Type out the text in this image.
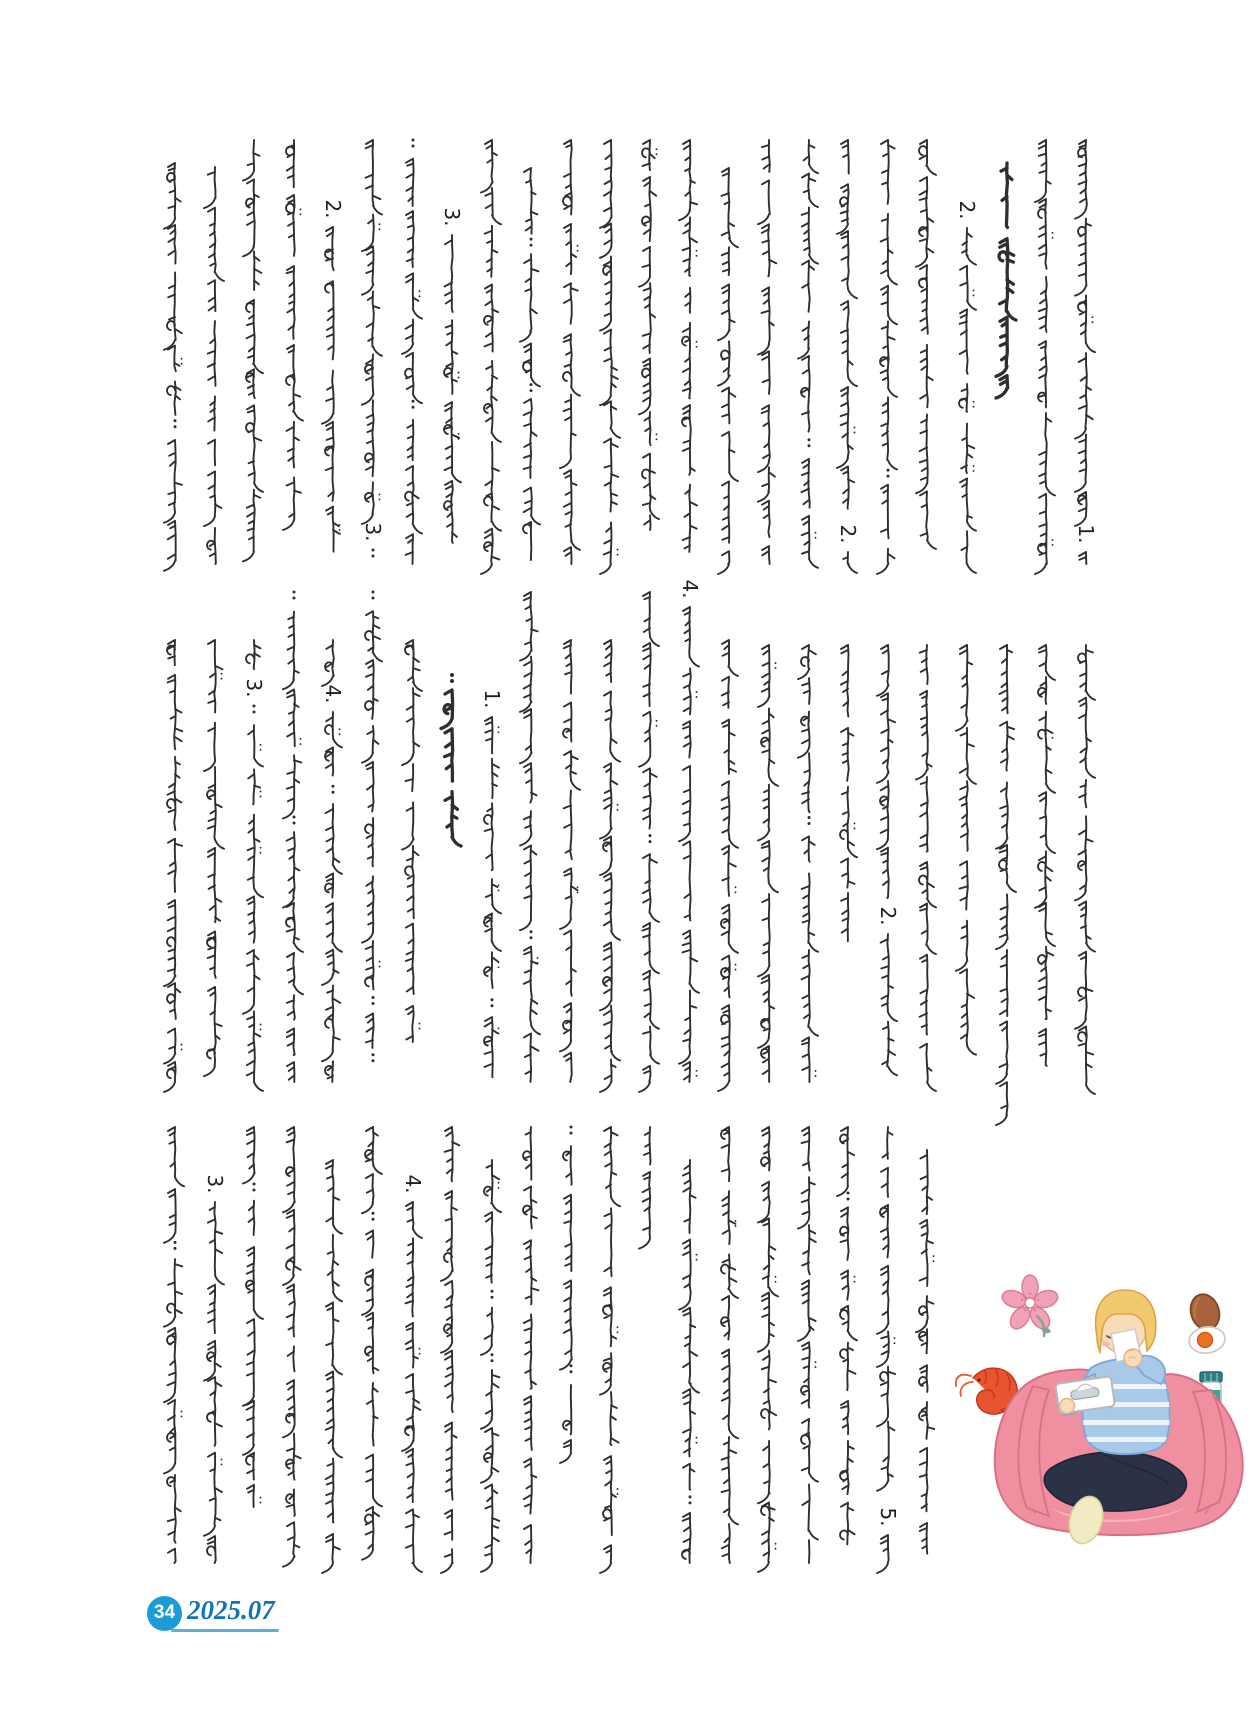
2.
3.
3.
2.
2.
1.
3.	4.	1.
4.
2.
3.	4.
5.
34 2025.07
